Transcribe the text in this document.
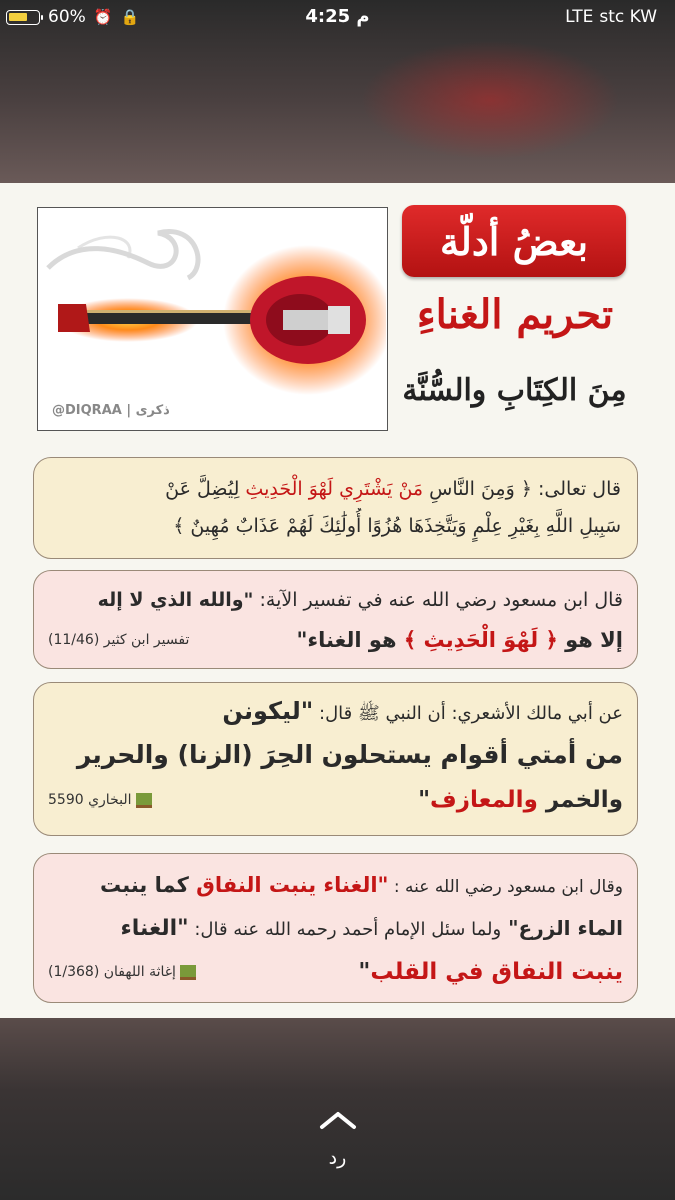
60% ⏰ 🔒	4:25 م	LTE stc KW
@DIQRAA | ذكرى
بعضُ أدلّة
تحريم الغناءِ
مِنَ الكِتَابِ والسُّنَّة
قال تعالى: ﴿ وَمِنَ النَّاسِ مَنْ يَشْتَرِي لَهْوَ الْحَدِيثِ لِيُضِلَّ عَنْ
سَبِيلِ اللَّهِ بِغَيْرِ عِلْمٍ وَيَتَّخِذَهَا هُزُوًا أُولَٰئِكَ لَهُمْ عَذَابٌ مُهِينٌ ﴾
قال ابن مسعود رضي الله عنه في تفسير الآية: "والله الذي لا إله
إلا هو ﴿ لَهْوَ الْحَدِيثِ ﴾ هو الغناء"
تفسير ابن كثير (11/46)
عن أبي مالك الأشعري: أن النبي ﷺ قال: "ليكونن
من أمتي أقوام يستحلون الحِرَ (الزنا) والحرير
والخمر والمعازف"
البخاري 5590
وقال ابن مسعود رضي الله عنه : "الغناء ينبت النفاق كما ينبت
الماء الزرع" ولما سئل الإمام أحمد رحمه الله عنه قال: "الغناء
ينبت النفاق في القلب"
إغاثة اللهفان (1/368)
رد
